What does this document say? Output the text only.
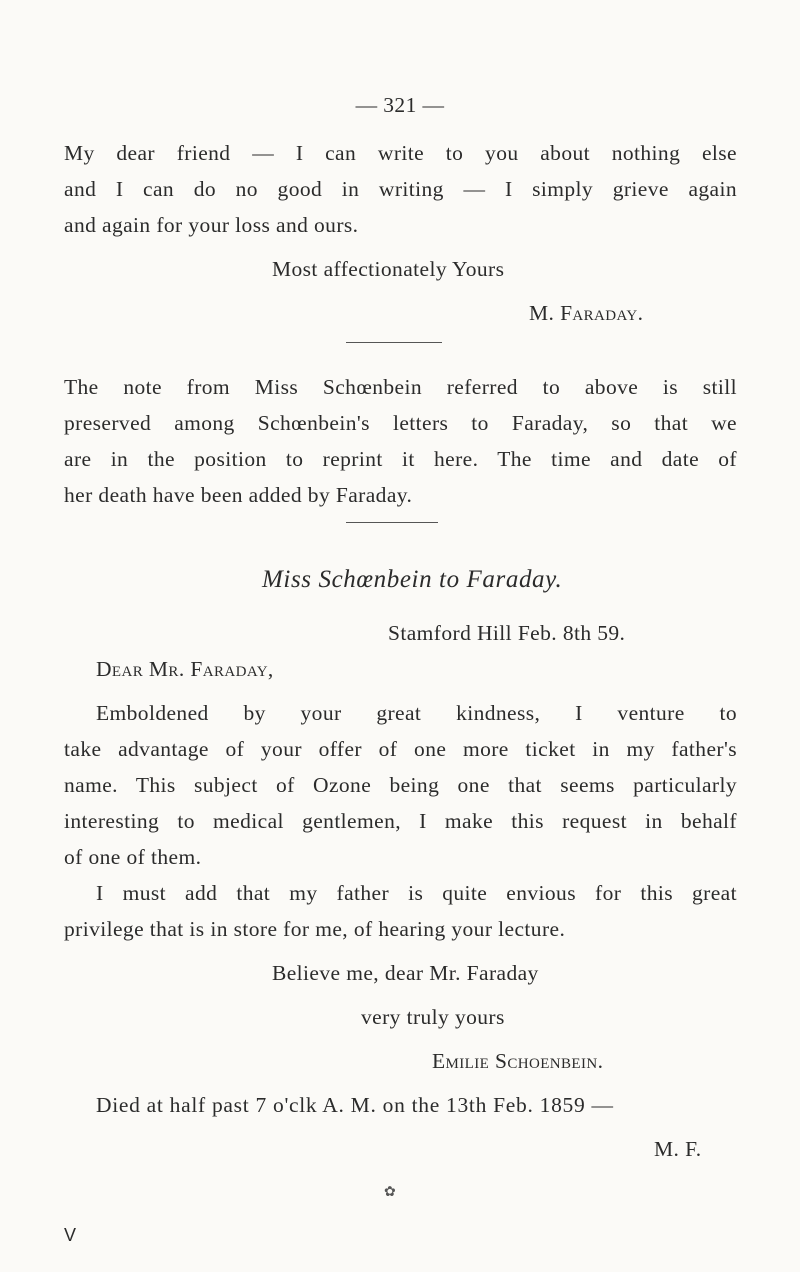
— 321 —
My dear friend — I can write to you about nothing else
and I can do no good in writing — I simply grieve again
and again for your loss and ours.
Most affectionately Yours
M. Faraday.
The note from Miss Schœnbein referred to above is still
preserved among Schœnbein's letters to Faraday, so that we
are in the position to reprint it here. The time and date of
her death have been added by Faraday.
Miss Schœnbein to Faraday.
Stamford Hill Feb. 8th 59.
Dear Mr. Faraday,
Emboldened by your great kindness, I venture to
take advantage of your offer of one more ticket in my father's
name. This subject of Ozone being one that seems particularly
interesting to medical gentlemen, I make this request in behalf
of one of them.
I must add that my father is quite envious for this great
privilege that is in store for me, of hearing your lecture.
Believe me, dear Mr. Faraday
very truly yours
Emilie Schoenbein.
Died at half past 7 o'clk A. M. on the 13th Feb. 1859 —
M. F.
✿
V
